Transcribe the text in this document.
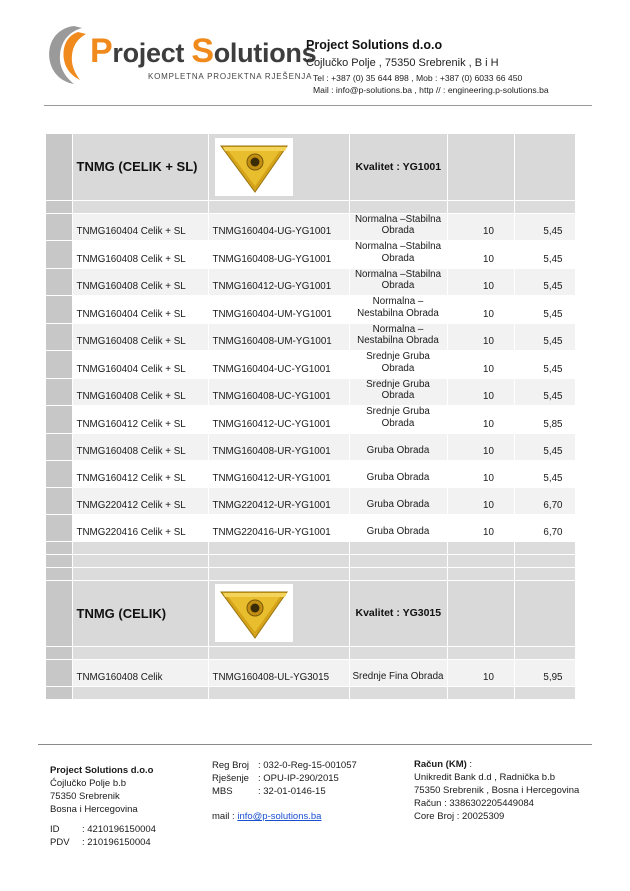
Project Solutions
KOMPLETNA PROJEKTNA RJEŠENJA
Project Solutions d.o.o
Ćojlučko Polje , 75350 Srebrenik , B i H
Tel : +387 (0) 35 644 898 , Mob : +387 (0) 6033 66 450
Mail : info@p-solutions.ba , http // : engineering.p-solutions.ba
	TNMG (CELIK + SL)		Kvalitet : YG1001		

	TNMG160404 Celik + SL	TNMG160404-UG-YG1001	Normalna –Stabilna Obrada	10	5,45
	TNMG160408 Celik + SL	TNMG160408-UG-YG1001	Normalna –Stabilna Obrada	10	5,45
	TNMG160408 Celik + SL	TNMG160412-UG-YG1001	Normalna –Stabilna Obrada	10	5,45
	TNMG160404 Celik + SL	TNMG160404-UM-YG1001	Normalna – Nestabilna Obrada	10	5,45
	TNMG160408 Celik + SL	TNMG160408-UM-YG1001	Normalna – Nestabilna Obrada	10	5,45
	TNMG160404 Celik + SL	TNMG160404-UC-YG1001	Srednje Gruba Obrada	10	5,45
	TNMG160408 Celik + SL	TNMG160408-UC-YG1001	Srednje Gruba Obrada	10	5,45
	TNMG160412 Celik + SL	TNMG160412-UC-YG1001	Srednje Gruba Obrada	10	5,85
	TNMG160408 Celik + SL	TNMG160408-UR-YG1001	Gruba Obrada	10	5,45
	TNMG160412 Celik + SL	TNMG160412-UR-YG1001	Gruba Obrada	10	5,45
	TNMG220412 Celik + SL	TNMG220412-UR-YG1001	Gruba Obrada	10	6,70
	TNMG220416 Celik + SL	TNMG220416-UR-YG1001	Gruba Obrada	10	6,70

	TNMG (CELIK)		Kvalitet : YG3015		

	TNMG160408 Celik	TNMG160408-UL-YG3015	Srednje Fina Obrada	10	5,95

Project Solutions d.o.o
Ćojlučko Polje b.b
75350 Srebrenik
Bosna i Hercegovina
ID : 4210196150004
PDV : 210196150004
Reg Broj : 032-0-Reg-15-001057
Rješenje : OPU-IP-290/2015
MBS	: 32-01-0146-15
mail : info@p-solutions.ba
Račun (KM) :
Unikredit Bank d.d , Radnička b.b
75350 Srebrenik , Bosna i Hercegovina
Račun : 3386302205449084
Core Broj : 20025309
